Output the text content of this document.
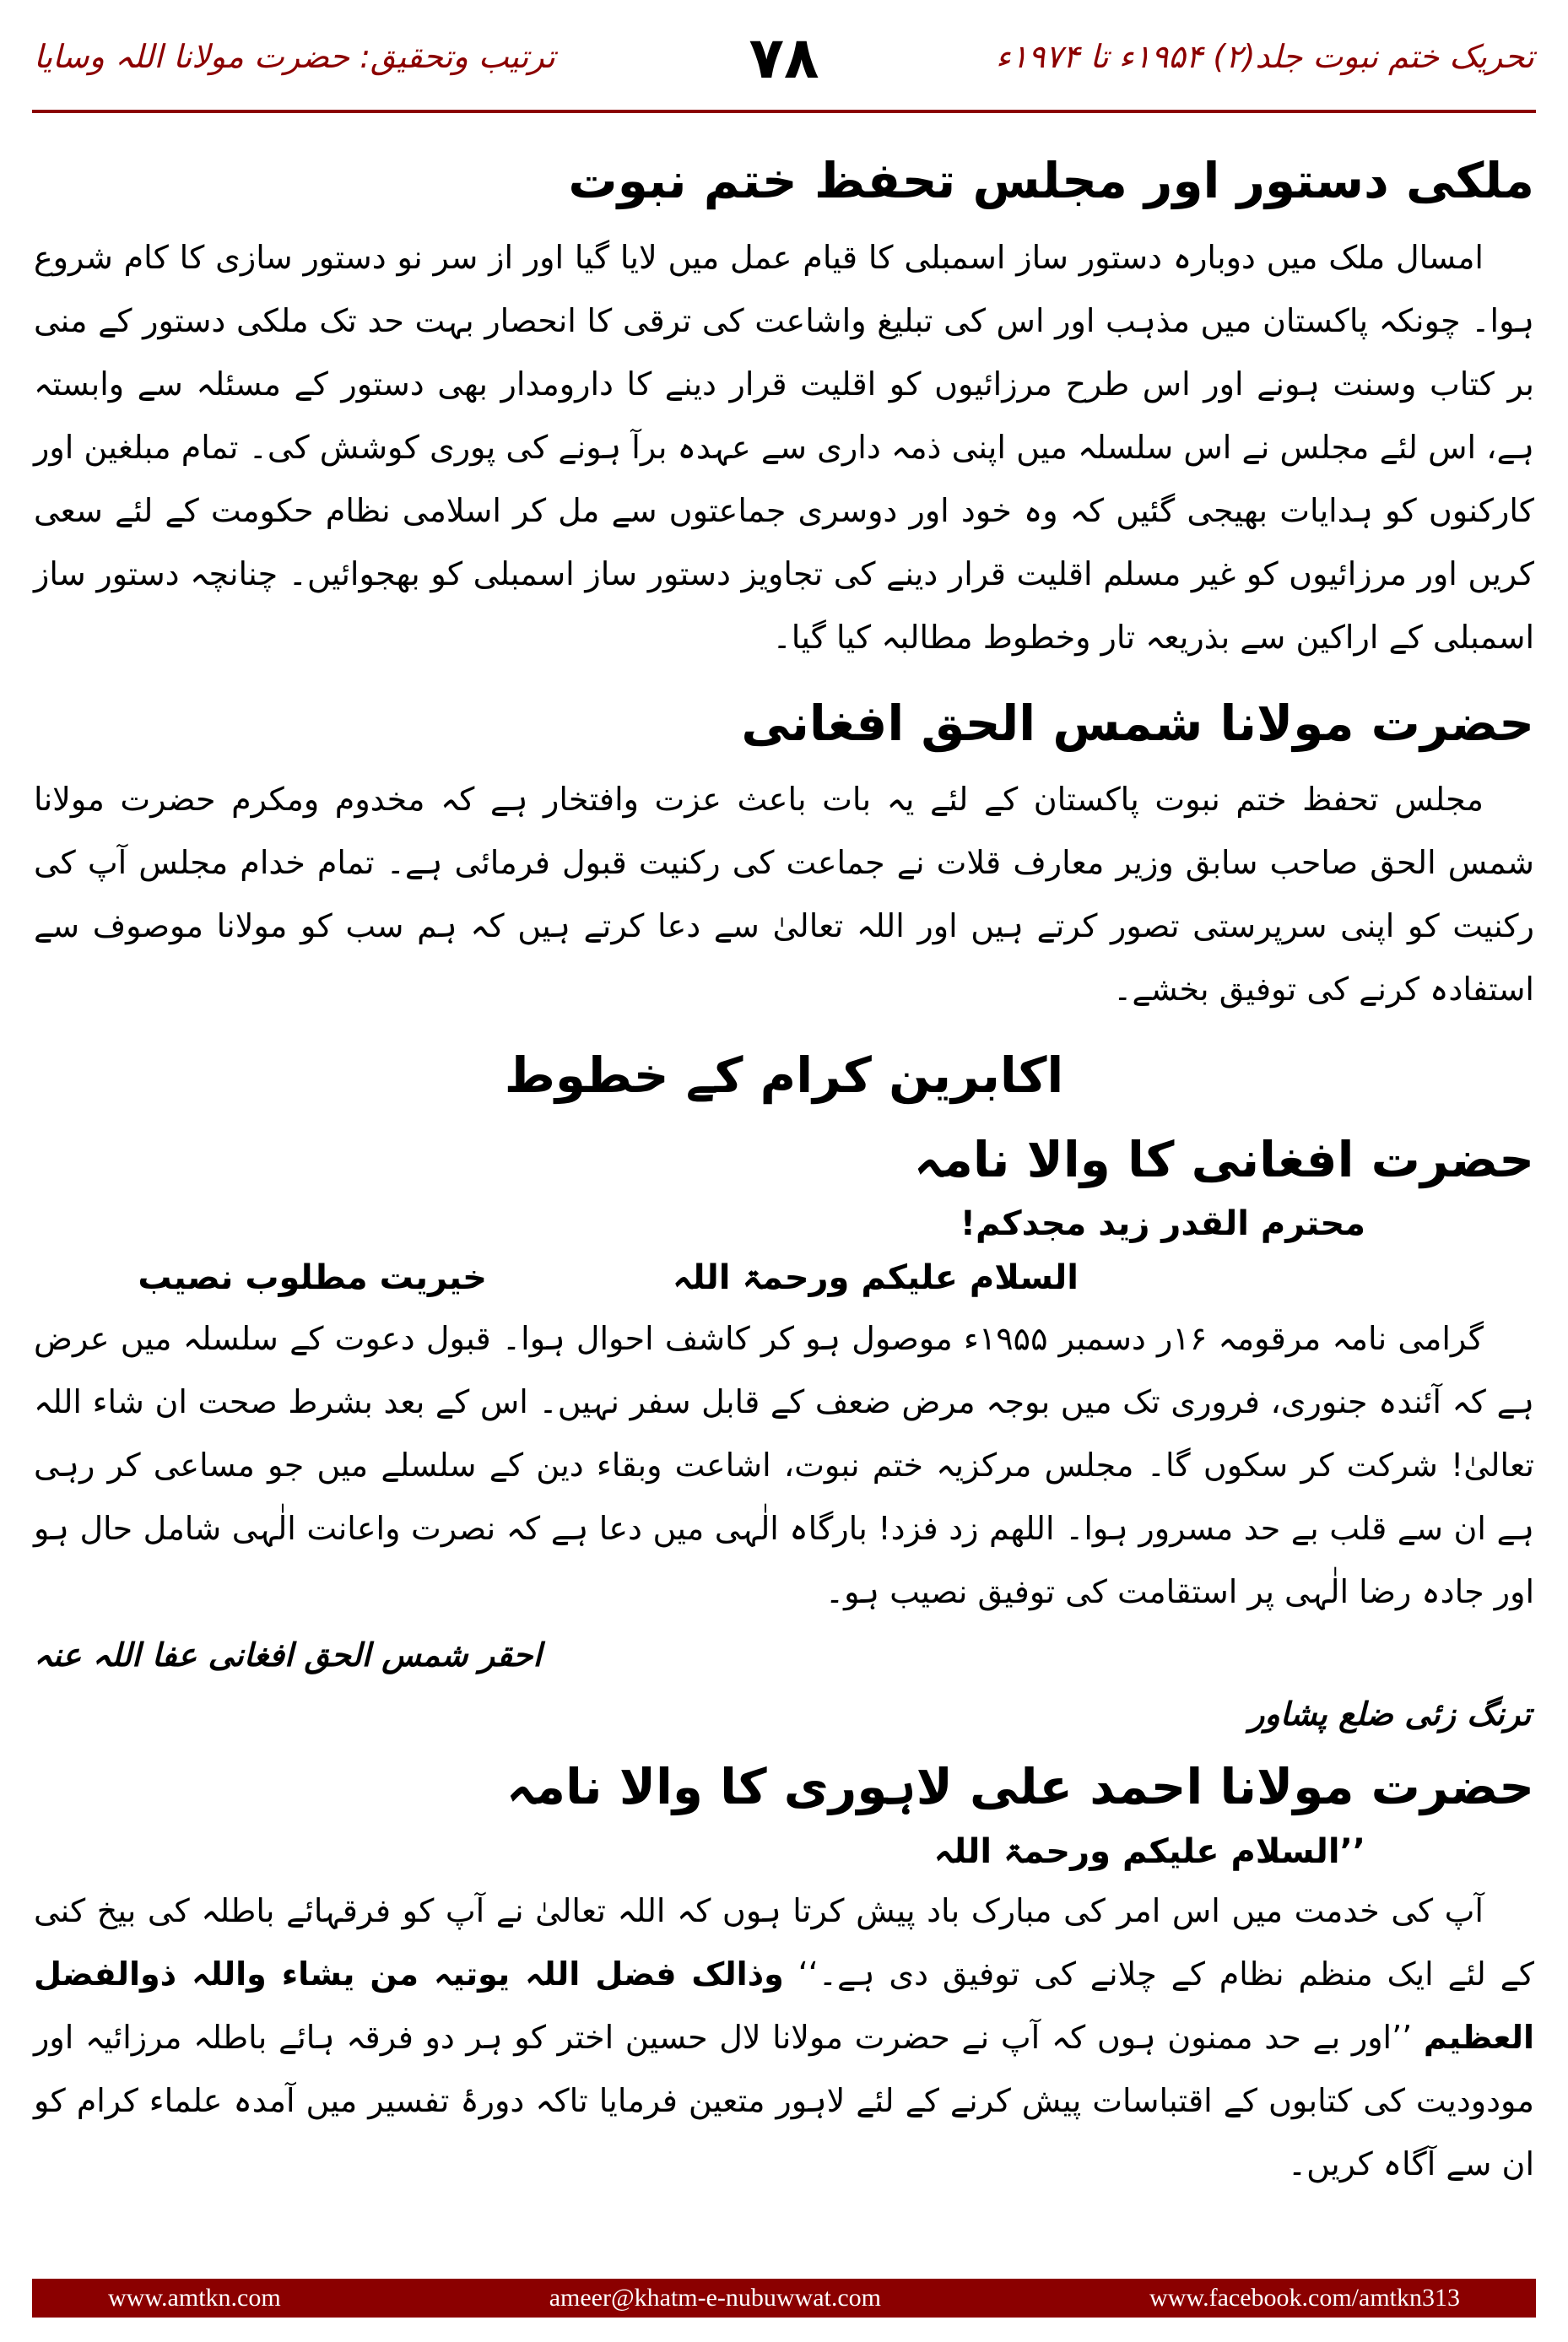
تحریک ختم نبوت جلد(۲) ۱۹۵۴ء تا ۱۹۷۴ء
۷۸
ترتیب وتحقیق: حضرت مولانا اللہ وسایا
ملکی دستور اور مجلس تحفظ ختم نبوت

امسال ملک میں دوبارہ دستور ساز اسمبلی کا قیام عمل میں لایا گیا اور از سر نو دستور سازی کا کام شروع ہوا۔ چونکہ پاکستان میں مذہب اور اس کی تبلیغ واشاعت کی ترقی کا انحصار بہت حد تک ملکی دستور کے منی بر کتاب وسنت ہونے اور اس طرح مرزائیوں کو اقلیت قرار دینے کا دارومدار بھی دستور کے مسئلہ سے وابستہ ہے، اس لئے مجلس نے اس سلسلہ میں اپنی ذمہ داری سے عہدہ برآ ہونے کی پوری کوشش کی۔ تمام مبلغین اور کارکنوں کو ہدایات بھیجی گئیں کہ وہ خود اور دوسری جماعتوں سے مل کر اسلامی نظام حکومت کے لئے سعی کریں اور مرزائیوں کو غیر مسلم اقلیت قرار دینے کی تجاویز دستور ساز اسمبلی کو بھجوائیں۔ چنانچہ دستور ساز اسمبلی کے اراکین سے بذریعہ تار وخطوط مطالبہ کیا گیا۔

حضرت مولانا شمس الحق افغانی

مجلس تحفظ ختم نبوت پاکستان کے لئے یہ بات باعث عزت وافتخار ہے کہ مخدوم ومکرم حضرت مولانا شمس الحق صاحب سابق وزیر معارف قلات نے جماعت کی رکنیت قبول فرمائی ہے۔ تمام خدام مجلس آپ کی رکنیت کو اپنی سرپرستی تصور کرتے ہیں اور اللہ تعالیٰ سے دعا کرتے ہیں کہ ہم سب کو مولانا موصوف سے استفادہ کرنے کی توفیق بخشے۔

اکابرین کرام کے خطوط
حضرت افغانی کا والا نامہ
محترم القدر زید مجدکم!
السلام علیکم ورحمۃ اللہ
خیریت مطلوب نصیب

گرامی نامہ مرقومہ ۱۶ر دسمبر ۱۹۵۵ء موصول ہو کر کاشف احوال ہوا۔ قبول دعوت کے سلسلہ میں عرض ہے کہ آئندہ جنوری، فروری تک میں بوجہ مرض ضعف کے قابل سفر نہیں۔ اس کے بعد بشرط صحت ان شاء اللہ تعالیٰ! شرکت کر سکوں گا۔ مجلس مرکزیہ ختم نبوت، اشاعت وبقاء دین کے سلسلے میں جو مساعی کر رہی ہے ان سے قلب بے حد مسرور ہوا۔ اللھم زد فزد! بارگاہ الٰہی میں دعا ہے کہ نصرت واعانت الٰہی شامل حال ہو اور جادہ رضا الٰہی پر استقامت کی توفیق نصیب ہو۔

احقر شمس الحق افغانی عفا اللہ عنہ
ترنگ زئی ضلع پشاور
حضرت مولانا احمد علی لاہوری کا والا نامہ
’’السلام علیکم ورحمۃ اللہ

آپ کی خدمت میں اس امر کی مبارک باد پیش کرتا ہوں کہ اللہ تعالیٰ نے آپ کو فرقہائے باطلہ کی بیخ کنی کے لئے ایک منظم نظام کے چلانے کی توفیق دی ہے۔‘‘ وذالک فضل اللہ یوتیہ من یشاء واللہ ذوالفضل العظیم ’’اور بے حد ممنون ہوں کہ آپ نے حضرت مولانا لال حسین اختر کو ہر دو فرقہ ہائے باطلہ مرزائیہ اور مودودیت کی کتابوں کے اقتباسات پیش کرنے کے لئے لاہور متعین فرمایا تاکہ دورۂ تفسیر میں آمدہ علماء کرام کو ان سے آگاہ کریں۔

www.amtkn.com	ameer@khatm-e-nubuwwat.com	www.facebook.com/amtkn313
